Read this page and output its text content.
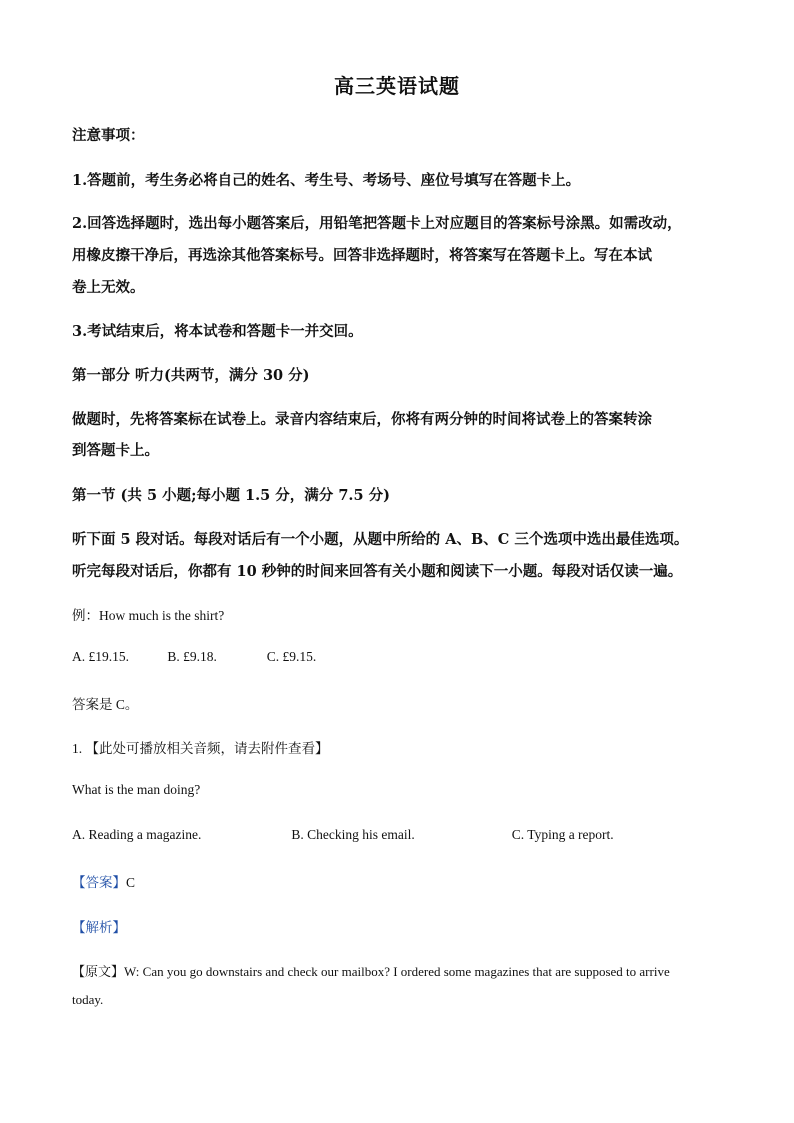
高三英语试题
注意事项：
1.答题前，考生务必将自己的姓名、考生号、考场号、座位号填写在答题卡上。
2.回答选择题时，选出每小题答案后，用铅笔把答题卡上对应题目的答案标号涂黑。如需改动，
用橡皮擦干净后，再选涂其他答案标号。回答非选择题时，将答案写在答题卡上。写在本试
卷上无效。
3.考试结束后，将本试卷和答题卡一并交回。
第一部分 听力(共两节，满分 30 分)
做题时，先将答案标在试卷上。录音内容结束后，你将有两分钟的时间将试卷上的答案转涂
到答题卡上。
第一节 (共 5 小题;每小题 1.5 分，满分 7.5 分)
听下面 5 段对话。每段对话后有一个小题，从题中所给的 A、B、C 三个选项中选出最佳选项。
听完每段对话后，你都有 10 秒钟的时间来回答有关小题和阅读下一小题。每段对话仅读一遍。
例：How much is the shirt?
A. £19.15.	B. £9.18.	C. £9.15.
答案是 C。
1. 【此处可播放相关音频，请去附件查看】
What is the man doing?
A. Reading a magazine.	B. Checking his email.	C. Typing a report.
【答案】C
【解析】
【原文】W: Can you go downstairs and check our mailbox? I ordered some magazines that are supposed to arrive
today.
